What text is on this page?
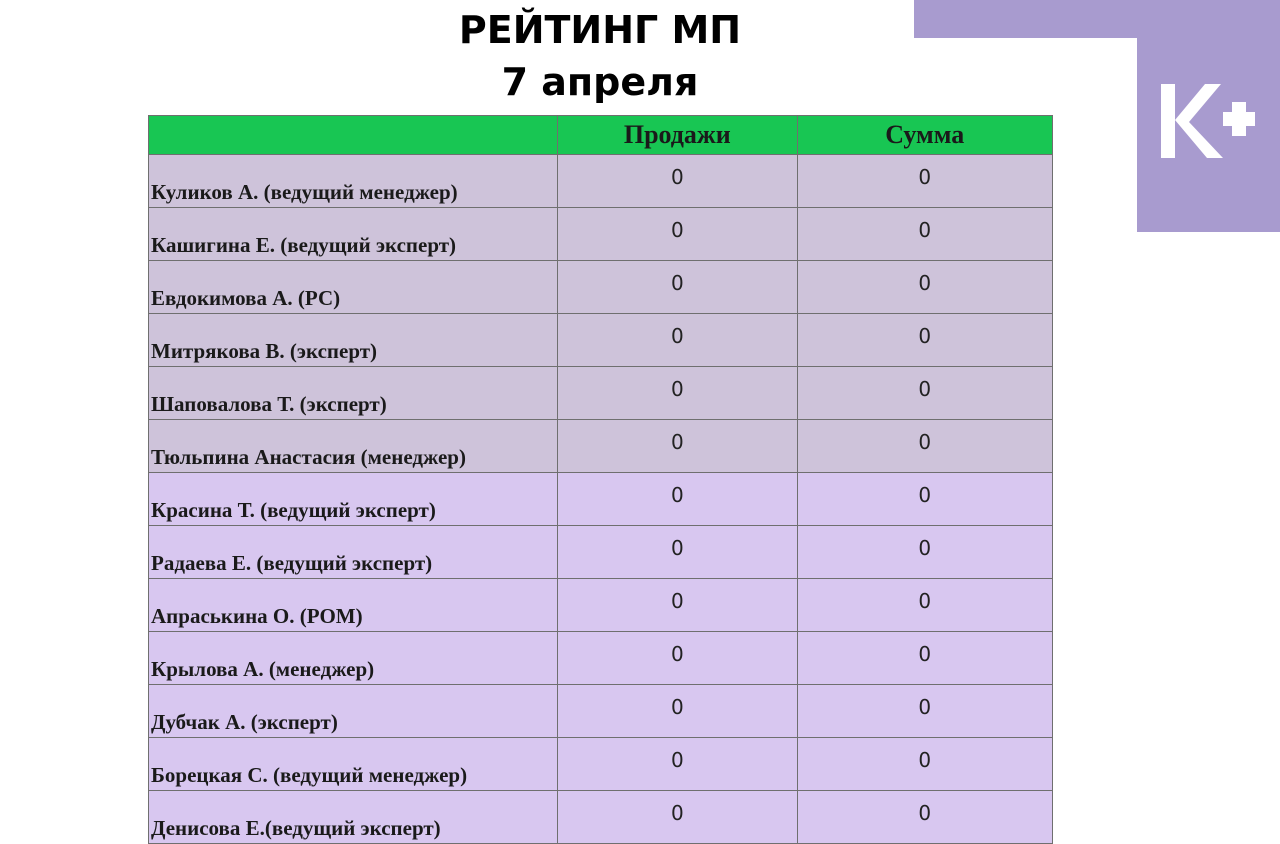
РЕЙТИНГ МП
7 апреля
	Продажи	Сумма
Куликов А. (ведущий менеджер)	0	0
Кашигина Е. (ведущий эксперт)	0	0
Евдокимова А. (РС)	0	0
Митрякова В. (эксперт)	0	0
Шаповалова Т. (эксперт)	0	0
Тюльпина Анастасия (менеджер)	0	0
Красина Т. (ведущий эксперт)	0	0
Радаева Е. (ведущий эксперт)	0	0
Апраськина О. (РОМ)	0	0
Крылова А. (менеджер)	0	0
Дубчак А. (эксперт)	0	0
Борецкая С. (ведущий менеджер)	0	0
Денисова Е.(ведущий эксперт)	0	0
